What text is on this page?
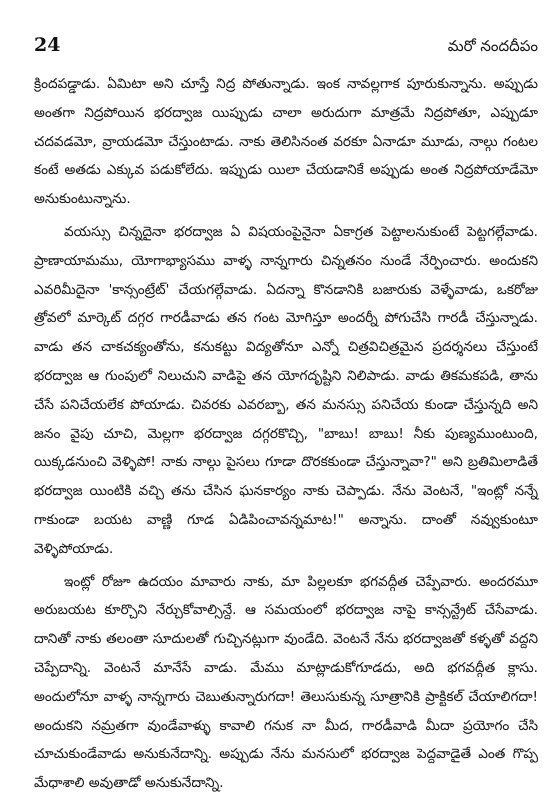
24	మరో నందదీపం

క్రిందపడ్డాడు. ఏమిటా అని చూస్తే నిద్ర పోతున్నాడు. ఇంక నావల్లగాక పూరుకున్నాను. అప్పుడు అంతగా నిద్రపోయిన భరద్వాజ యిప్పుడు చాలా అరుదుగా మాత్రమే నిద్రపోతూ, ఎప్పుడూ చదవడమో, వ్రాయడమో చేస్తుంటాడు. నాకు తెలిసినంత వరకూ ఏనాడూ మూడు, నాల్గు గంటల కంటే అతడు ఎక్కువ పడుకోలేదు. ఇప్పుడు యిలా చేయడానికే అప్పుడు అంత నిద్రపోయాడేమో అనుకుంటున్నాను.

వయస్సు చిన్నదైనా భరద్వాజ ఏ విషయంపైనైనా ఏకాగ్రత పెట్టాలనుకుంటే పెట్టగల్గేవాడు. ప్రాణాయామము, యోగాభ్యాసము వాళ్ళ నాన్నగారు చిన్నతనం నుండే నేర్పించారు. అందుకని ఎవరిమీదైనా 'కాన్సంట్రేట్' చేయగల్గేవాడు. ఏదన్నా కొనడానికి బజారుకు వెళ్ళేవాడు, ఒకరోజు త్రోవలో మార్కెట్ దగ్గర గారడీవాడు తన గంట మోగిస్తూ అందర్నీ పోగుచేసి గారడీ చేస్తున్నాడు. వాడు తన చాకచక్యంతోను, కనుకట్టు విద్యతోనూ ఎన్నో చిత్రవిచిత్రమైన ప్రదర్శనలు చేస్తుంటే భరద్వాజ ఆ గుంపులో నిలుచుని వాడిపై తన యోగదృష్టిని నిలిపాడు. వాడు తికమకపడి, తాను చేసే పనిచేయలేక పోయాడు. చివరకు ఎవరబ్బా, తన మనస్సు పనిచేయ కుండా చేస్తున్నది అని జనం వైపు చూచి, మెల్లగా భరద్వాజ దగ్గరకొచ్చి, "బాబు! బాబు! నీకు పుణ్యముంటుంది, యిక్కడనుంచి వెళ్ళిపో! నాకు నాల్గు పైసలు గూడా దొరకకుండా చేస్తున్నావా?" అని బ్రతిమిలాడితే భరద్వాజ యింటికి వచ్చి తను చేసిన ఘనకార్యం నాకు చెప్పాడు. నేను వెంటనే, "ఇంట్లో నన్నే గాకుండా బయట వాణ్ణి గూడ ఏడిపించావన్నమాట!" అన్నాను. దాంతో నవ్వుకుంటూ వెళ్ళిపోయాడు.

ఇంట్లో రోజూ ఉదయం మావారు నాకు, మా పిల్లలకూ భగవద్గీత చెప్పేవారు. అందరమూ అరుబయట కూర్చొని నేర్చుకోవాల్సిన్దే. ఆ సమయంలో భరద్వాజ నాపై కాన్సన్ట్రేట్ చేసేవాడు. దానితో నాకు తలంతా సూదులతో గుచ్చినట్లుగా వుండేది. వెంటనే నేను భరద్వాజతో కళ్ళతో వద్దని చెప్పేదాన్ని. వెంటనే మానేసే వాడు. మేము మాట్లాడుకోగూడదు, అది భగవద్గీత క్లాసు. అందులోనూ వాళ్ళ నాన్నగారు చెబుతున్నారుగదా! తెలుసుకున్న సూత్రానికి ప్రాక్టికల్ చేయాలిగదా! అందుకని నమ్రతగా వుండేవాళ్ళు కావాలి గనుక నా మీద, గారడీవాడి మీదా ప్రయోగం చేసి చూచుకుండేవాడు అనుకునేదాన్ని. అప్పుడు నేను మనసులో భరద్వాజ పెద్దవాడైతే ఎంత గొప్ప మేధాశాలి అవుతాడో అనుకునేదాన్ని.
